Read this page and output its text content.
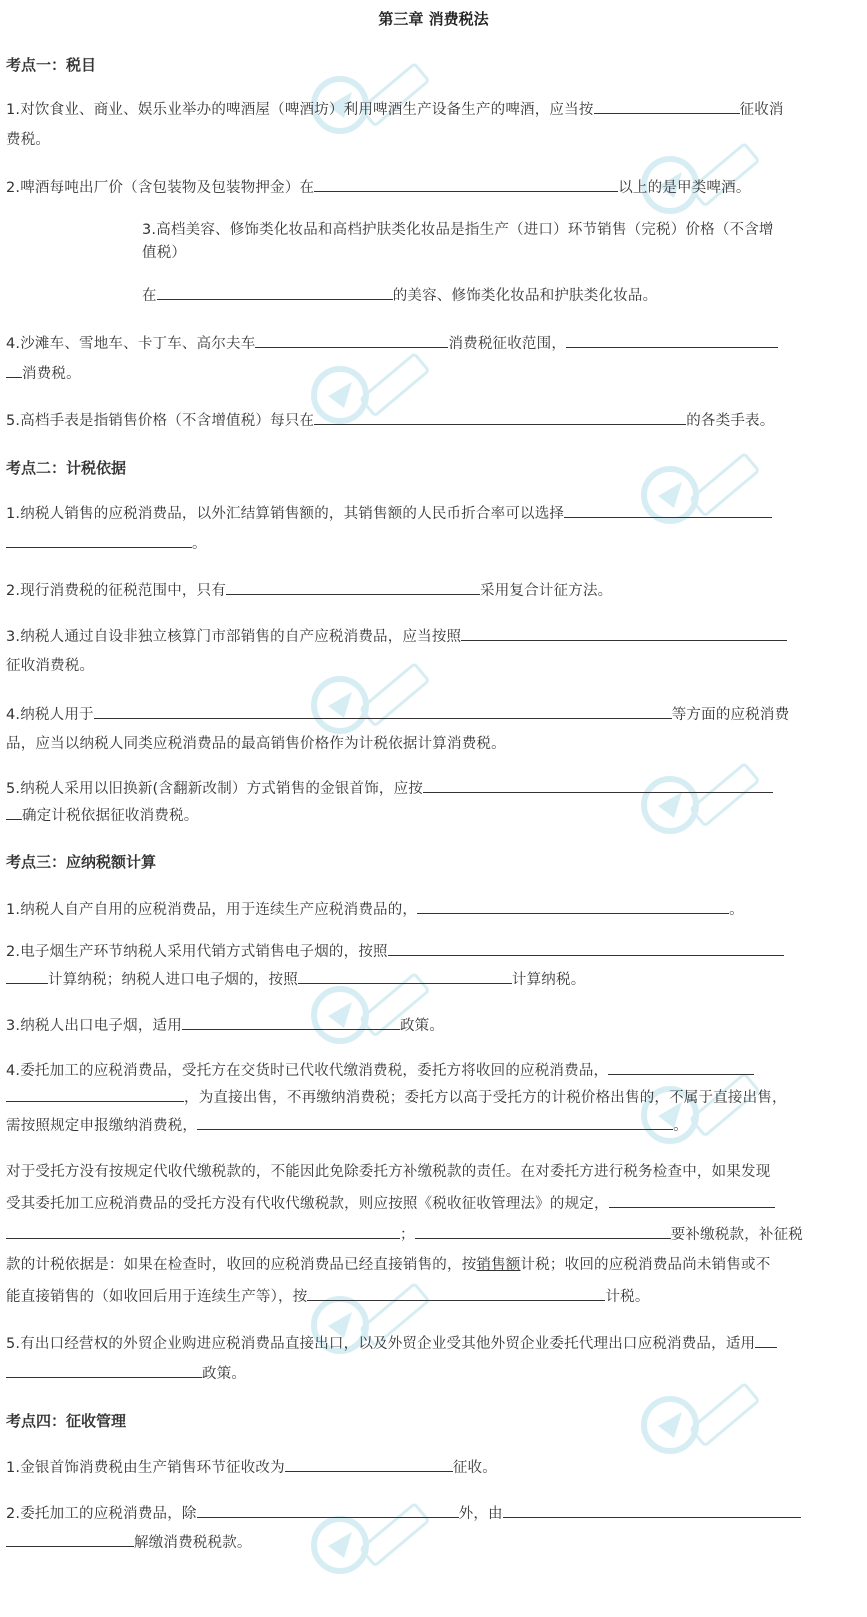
第三章 消费税法
考点一：税目
1.对饮食业、商业、娱乐业举办的啤酒屋（啤酒坊）利用啤酒生产设备生产的啤酒，应当按	征收消
费税。
2.啤酒每吨出厂价（含包装物及包装物押金）在	以上的是甲类啤酒。
3.高档美容、修饰类化妆品和高档护肤类化妆品是指生产（进口）环节销售（完税）价格（不含增
值税）
在	的美容、修饰类化妆品和护肤类化妆品。
4.沙滩车、雪地车、卡丁车、高尔夫车	消费税征收范围，
消费税。
5.高档手表是指销售价格（不含增值税）每只在	的各类手表。
考点二：计税依据
1.纳税人销售的应税消费品，以外汇结算销售额的，其销售额的人民币折合率可以选择
。
2.现行消费税的征税范围中，只有	采用复合计征方法。
3.纳税人通过自设非独立核算门市部销售的自产应税消费品，应当按照
征收消费税。
4.纳税人用于	等方面的应税消费
品，应当以纳税人同类应税消费品的最高销售价格作为计税依据计算消费税。
5.纳税人采用以旧换新(含翻新改制）方式销售的金银首饰，应按
确定计税依据征收消费税。
考点三：应纳税额计算
1.纳税人自产自用的应税消费品，用于连续生产应税消费品的，	。
2.电子烟生产环节纳税人采用代销方式销售电子烟的，按照
计算纳税；纳税人进口电子烟的，按照	计算纳税。
3.纳税人出口电子烟，适用	政策。
4.委托加工的应税消费品，受托方在交货时已代收代缴消费税，委托方将收回的应税消费品，
，为直接出售，不再缴纳消费税；委托方以高于受托方的计税价格出售的，不属于直接出售，
需按照规定申报缴纳消费税，	。
对于受托方没有按规定代收代缴税款的，不能因此免除委托方补缴税款的责任。在对委托方进行税务检查中，如果发现
受其委托加工应税消费品的受托方没有代收代缴税款，则应按照《税收征收管理法》的规定，
；	要补缴税款，补征税
款的计税依据是：如果在检查时，收回的应税消费品已经直接销售的，按销售额计税；收回的应税消费品尚未销售或不
能直接销售的（如收回后用于连续生产等），按	计税。
5.有出口经营权的外贸企业购进应税消费品直接出口，以及外贸企业受其他外贸企业委托代理出口应税消费品，适用
政策。
考点四：征收管理
1.金银首饰消费税由生产销售环节征收改为	征收。
2.委托加工的应税消费品，除	外，由
解缴消费税税款。
